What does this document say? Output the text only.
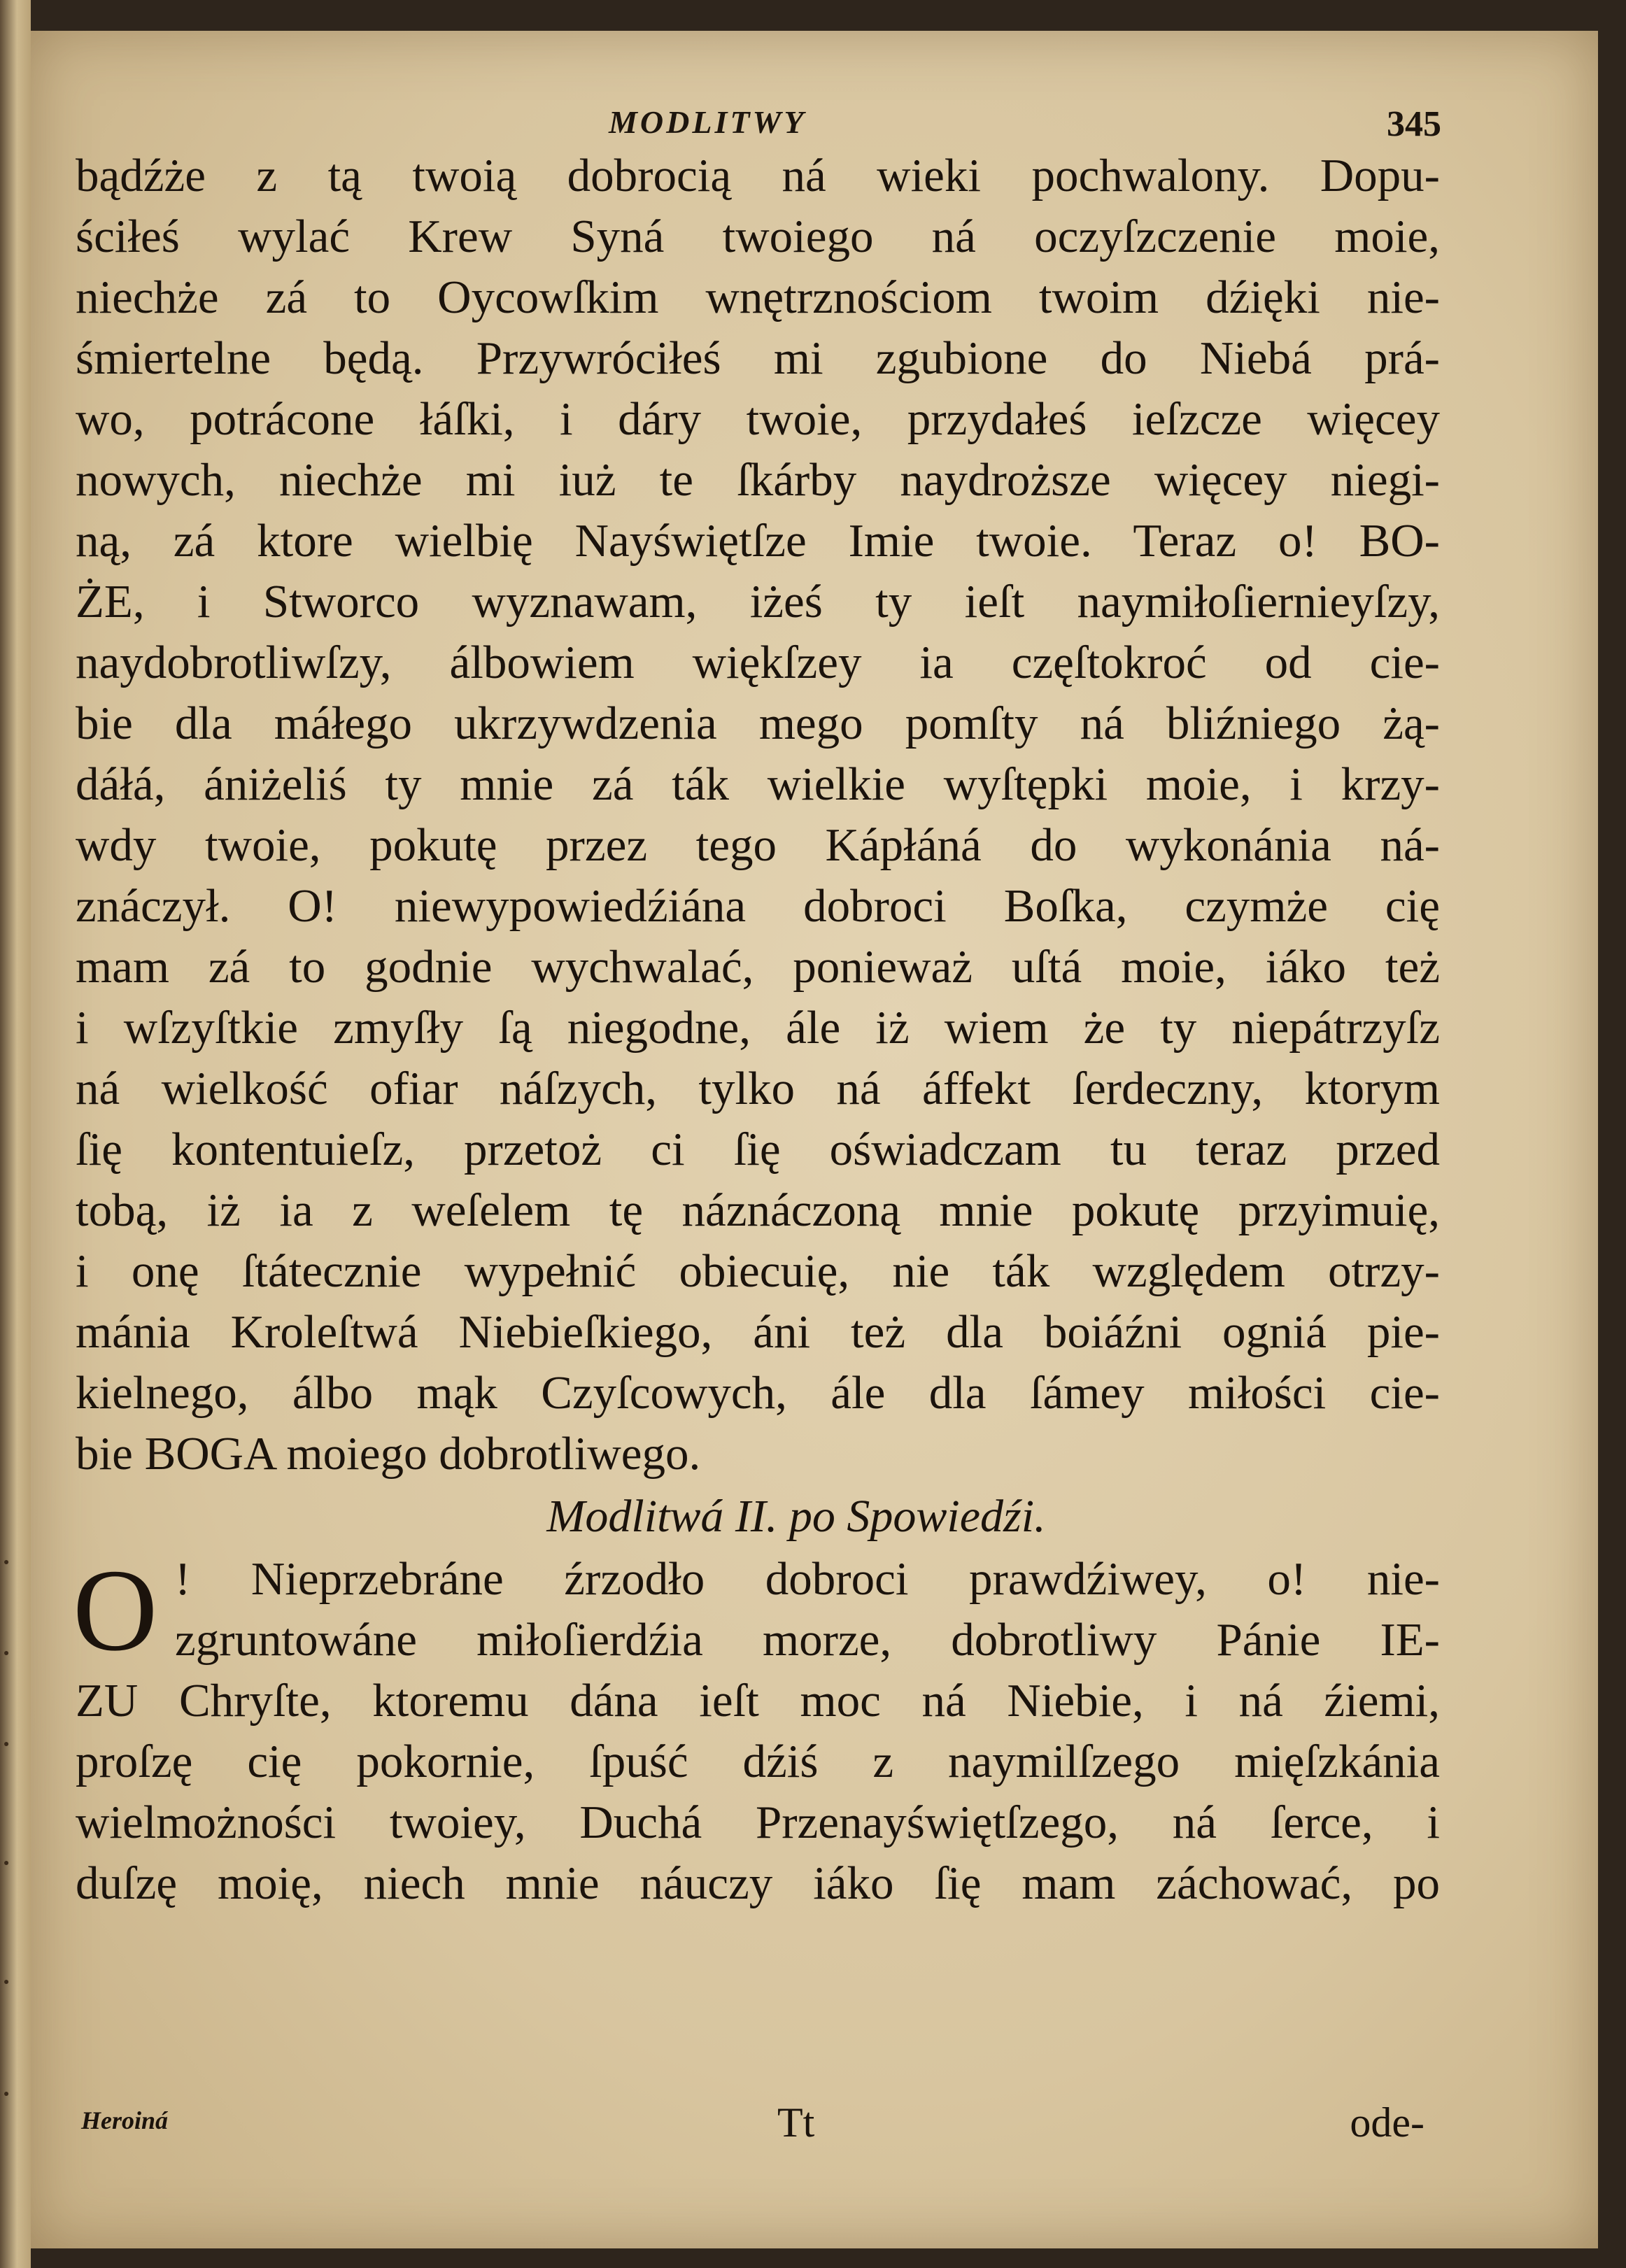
MODLITWY	345
bądźże z tą twoią dobrocią ná wieki pochwalony. Dopu-
ściłeś wylać Krew Syná twoiego ná oczyſzczenie moie,
niechże zá to Oycowſkim wnętrznościom twoim dźięki nie-
śmiertelne będą. Przywróciłeś mi zgubione do Niebá prá-
wo, potrácone łáſki, i dáry twoie, przydałeś ieſzcze więcey
nowych, niechże mi iuż te ſkárby naydroższe więcey niegi-
ną, zá ktore wielbię Nayświętſze Imie twoie. Teraz o! BO-
ŻE, i Stworco wyznawam, iżeś ty ieſt naymiłoſiernieyſzy,
naydobrotliwſzy, álbowiem więkſzey ia częſtokroć od cie-
bie dla máłego ukrzywdzenia mego pomſty ná bliźniego żą-
dáłá, ániżeliś ty mnie zá ták wielkie wyſtępki moie, i krzy-
wdy twoie, pokutę przez tego Kápłáná do wykonánia ná-
znáczył. O! niewypowiedźiána dobroci Boſka, czymże cię
mam zá to godnie wychwalać, ponieważ uſtá moie, iáko też
i wſzyſtkie zmyſły ſą niegodne, ále iż wiem że ty niepátrzyſz
ná wielkość ofiar náſzych, tylko ná áffekt ſerdeczny, ktorym
ſię kontentuieſz, przetoż ci ſię oświadczam tu teraz przed
tobą, iż ia z weſelem tę náznáczoną mnie pokutę przyimuię,
i onę ſtátecznie wypełnić obiecuię, nie ták względem otrzy-
mánia Kroleſtwá Niebieſkiego, áni też dla boiáźni ogniá pie-
kielnego, álbo mąk Czyſcowych, ále dla ſámey miłości cie-
bie BOGA moiego dobrotliwego.
Modlitwá II. po Spowiedźi.
O ! Nieprzebráne źrzodło dobroci prawdźiwey, o! nie-
zgruntowáne miłoſierdźia morze, dobrotliwy Pánie IE-
ZU Chryſte, ktoremu dána ieſt moc ná Niebie, i ná źiemi,
proſzę cię pokornie, ſpuść dźiś z naymilſzego mięſzkánia
wielmożności twoiey, Duchá Przenayświętſzego, ná ſerce, i
duſzę moię, niech mnie náuczy iáko ſię mam záchować, po
Heroiná	Tt	ode-
